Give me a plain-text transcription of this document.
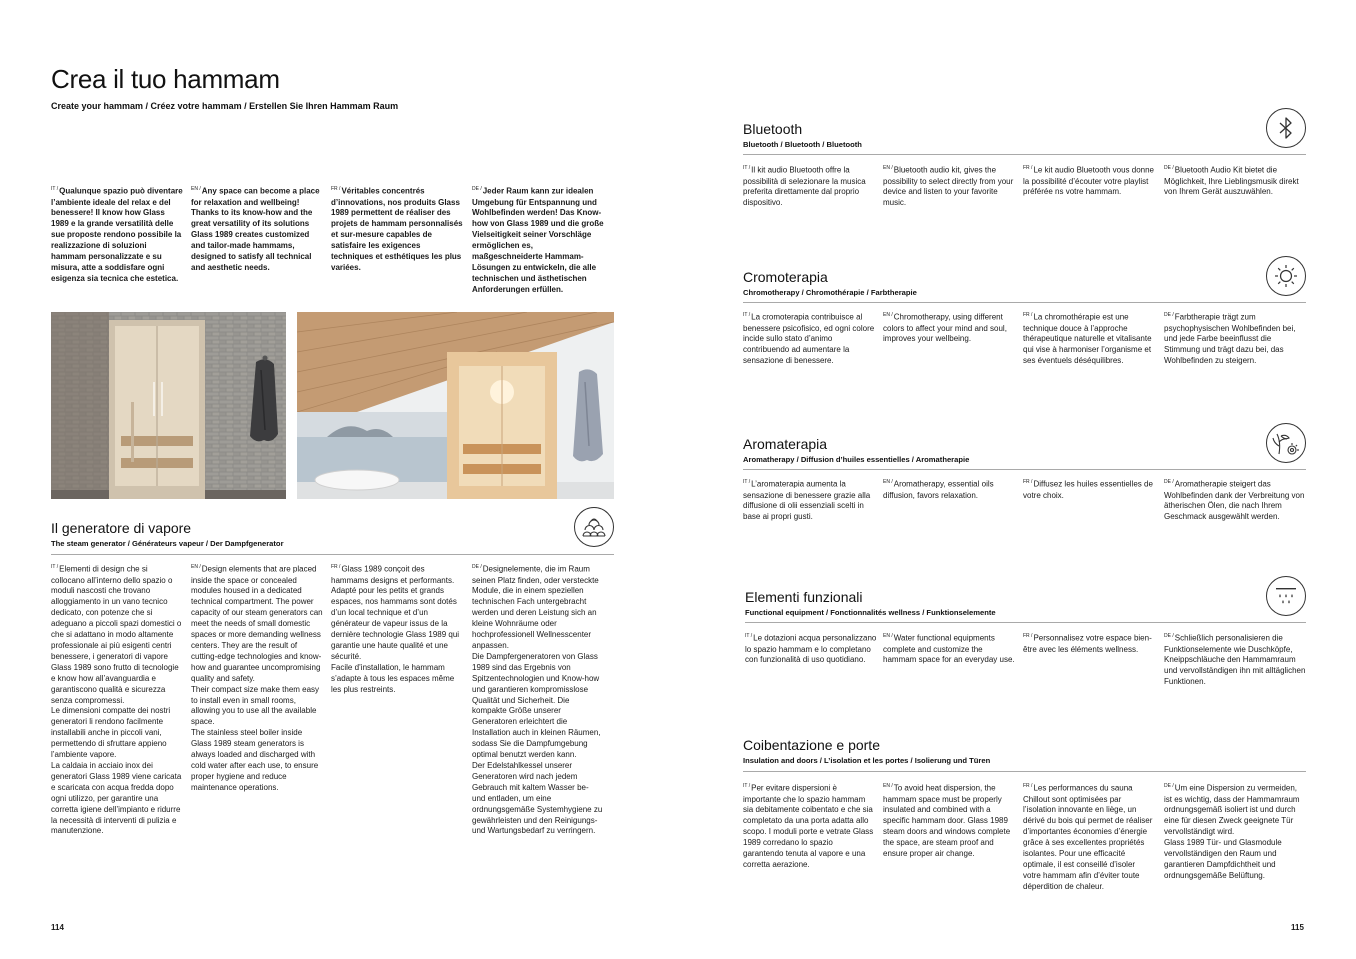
Crea il tuo hammam

Create your hammam / Créez votre hammam / Erstellen Sie Ihren Hammam Raum

$^{IT /}$Qualunque spazio può diventare l’ambiente ideale del relax e del benessere! Il know how Glass 1989 e la grande versatilità delle sue proposte rendono possibile la realizzazione di soluzioni hammam personalizzate e su misura, atte a soddisfare ogni esigenza sia tecnica che estetica.
$^{EN /}$Any space can become a place for relaxation and wellbeing! Thanks to its know-how and the great versatility of its solutions Glass 1989 creates customized and tailor-made hammams, designed to satisfy all technical and aesthetic needs.
$^{FR /}$Véritables concentrés d’innovations, nos produits Glass 1989 permettent de réaliser des projets de hammam personnalisés et sur-mesure capables de satisfaire les exigences techniques et esthétiques les plus variées.
$^{DE /}$Jeder Raum kann zur idealen Umgebung für Entspannung und Wohlbefinden werden! Das Know-how von Glass 1989 und die große Vielseitigkeit seiner Vorschläge ermöglichen es, maßgeschneiderte Hammam-Lösungen zu entwickeln, die alle technischen und ästhetischen Anforderungen erfüllen.
Il generatore di vapore

The steam generator / Générateurs vapeur / Der Dampfgenerator

$^{IT /}$Elementi di design che si collocano all’interno dello spazio o moduli nascosti che trovano alloggiamento in un vano tecnico dedicato, con potenze che si adeguano a piccoli spazi domestici o che si adattano in modo altamente professionale ai più esigenti centri benessere, i generatori di vapore Glass 1989 sono frutto di tecnologie e know how all’avanguardia e garantiscono qualità e sicurezza senza compromessi.
Le dimensioni compatte dei nostri generatori li rendono facilmente installabili anche in piccoli vani, permettendo di sfruttare appieno l’ambiente vapore.
La caldaia in acciaio inox dei generatori Glass 1989 viene caricata e scaricata con acqua fredda dopo ogni utilizzo, per garantire una corretta igiene dell’impianto e ridurre la necessità di interventi di pulizia e manutenzione.
$^{EN /}$Design elements that are placed inside the space or concealed modules housed in a dedicated technical compartment. The power capacity of our steam generators can meet the needs of small domestic spaces or more demanding wellness centers. They are the result of cutting-edge technologies and know-how and guarantee uncompromising quality and safety.
Their compact size make them easy to install even in small rooms, allowing you to use all the available space.
The stainless steel boiler inside Glass 1989 steam generators is always loaded and discharged with cold water after each use, to ensure proper hygiene and reduce maintenance operations.
$^{FR /}$Glass 1989 conçoit des hammams designs et performants.
Adapté pour les petits et grands espaces, nos hammams sont dotés d’un local technique et d’un générateur de vapeur issus de la dernière technologie Glass 1989 qui garantie une haute qualité et une sécurité.
Facile d’installation, le hammam s’adapte à tous les espaces même les plus restreints.
$^{DE /}$Designelemente, die im Raum seinen Platz finden, oder versteckte Module, die in einem speziellen technischen Fach untergebracht werden und deren Leistung sich an kleine Wohnräume oder hochprofessionell Wellnesscenter anpassen.
Die Dampfergeneratoren von Glass 1989 sind das Ergebnis von Spitzentechnologien und Know-how und garantieren kompromisslose Qualität und Sicherheit. Die kompakte Größe unserer Generatoren erleichtert die Installation auch in kleinen Räumen, sodass Sie die Dampfumgebung optimal benutzt werden kann.
Der Edelstahlkessel unserer Generatoren wird nach jedem Gebrauch mit kaltem Wasser be- und entladen, um eine ordnungsgemäße Systemhygiene zu gewährleisten und den Reinigungs- und Wartungsbedarf zu verringern.
114
Bluetooth

Bluetooth / Bluetooth / Bluetooth

$^{IT /}$Il kit audio Bluetooth offre la possibilità di selezionare la musica preferita direttamente dal proprio dispositivo.
$^{EN /}$Bluetooth audio kit, gives the possibility to select directly from your device and listen to your favorite music.
$^{FR /}$Le kit audio Bluetooth vous donne la possibilité d’écouter votre playlist préférée ns votre hammam.
$^{DE /}$Bluetooth Audio Kit bietet die Möglichkeit, Ihre Lieblingsmusik direkt von Ihrem Gerät auszuwählen.
Cromoterapia

Chromotherapy / Chromothérapie / Farbtherapie

$^{IT /}$La cromoterapia contribuisce al benessere psicofisico, ed ogni colore incide sullo stato d’animo contribuendo ad aumentare la sensazione di benessere.
$^{EN /}$Chromotherapy, using different colors to affect your mind and soul, improves your wellbeing.
$^{FR /}$La chromothérapie est une technique douce à l’approche thérapeutique naturelle et vitalisante qui vise à harmoniser l’organisme et ses éventuels déséquilibres.
$^{DE /}$Farbtherapie trägt zum psychophysischen Wohlbefinden bei, und jede Farbe beeinflusst die Stimmung und trägt dazu bei, das Wohlbefinden zu steigern.
Aromaterapia

Aromatherapy / Diffusion d’huiles essentielles / Aromatherapie

$^{IT /}$L’aromaterapia aumenta la sensazione di benessere grazie alla diffusione di olii essenziali scelti in base ai propri gusti.
$^{EN /}$Aromatherapy, essential oils diffusion, favors relaxation.
$^{FR /}$Diffusez les huiles essentielles de votre choix.
$^{DE /}$Aromatherapie steigert das Wohlbefinden dank der Verbreitung von ätherischen Ölen, die nach Ihrem Geschmack ausgewählt werden.
Elementi funzionali

Functional equipment / Fonctionnalités wellness / Funktionselemente

$^{IT /}$Le dotazioni acqua personalizzano lo spazio hammam e lo completano con funzionalità di uso quotidiano.
$^{EN /}$Water functional equipments complete and customize the hammam space for an everyday use.
$^{FR /}$Personnalisez votre espace bien-être avec les éléments wellness.
$^{DE /}$Schließlich personalisieren die Funktionselemente wie Duschköpfe, Kneippschläuche den Hammamraum und vervollständigen ihn mit alltäglichen Funktionen.
Coibentazione e porte

Insulation and doors / L’isolation et les portes / Isolierung und Türen

$^{IT /}$Per evitare dispersioni è importante che lo spazio hammam sia debitamente coibentato e che sia completato da una porta adatta allo scopo. I moduli porte e vetrate Glass 1989 corredano lo spazio garantendo tenuta al vapore e una corretta aerazione.
$^{EN /}$To avoid heat dispersion, the hammam space must be properly insulated and combined with a specific hammam door. Glass 1989 steam doors and windows complete the space, are steam proof and ensure proper air change.
$^{FR /}$Les performances du sauna Chillout sont optimisées par l’isolation innovante en liège, un dérivé du bois qui permet de réaliser d’importantes économies d’énergie grâce à ses excellentes propriétés isolantes. Pour une efficacité optimale, il est conseillé d’isoler votre hammam afin d’éviter toute déperdition de chaleur.
$^{DE /}$Um eine Dispersion zu vermeiden, ist es wichtig, dass der Hammamraum ordnungsgemäß isoliert ist und durch eine für diesen Zweck geeignete Tür vervollständigt wird.
Glass 1989 Tür- und Glasmodule vervollständigen den Raum und garantieren Dampfdichtheit und ordnungsgemäße Belüftung.
115
